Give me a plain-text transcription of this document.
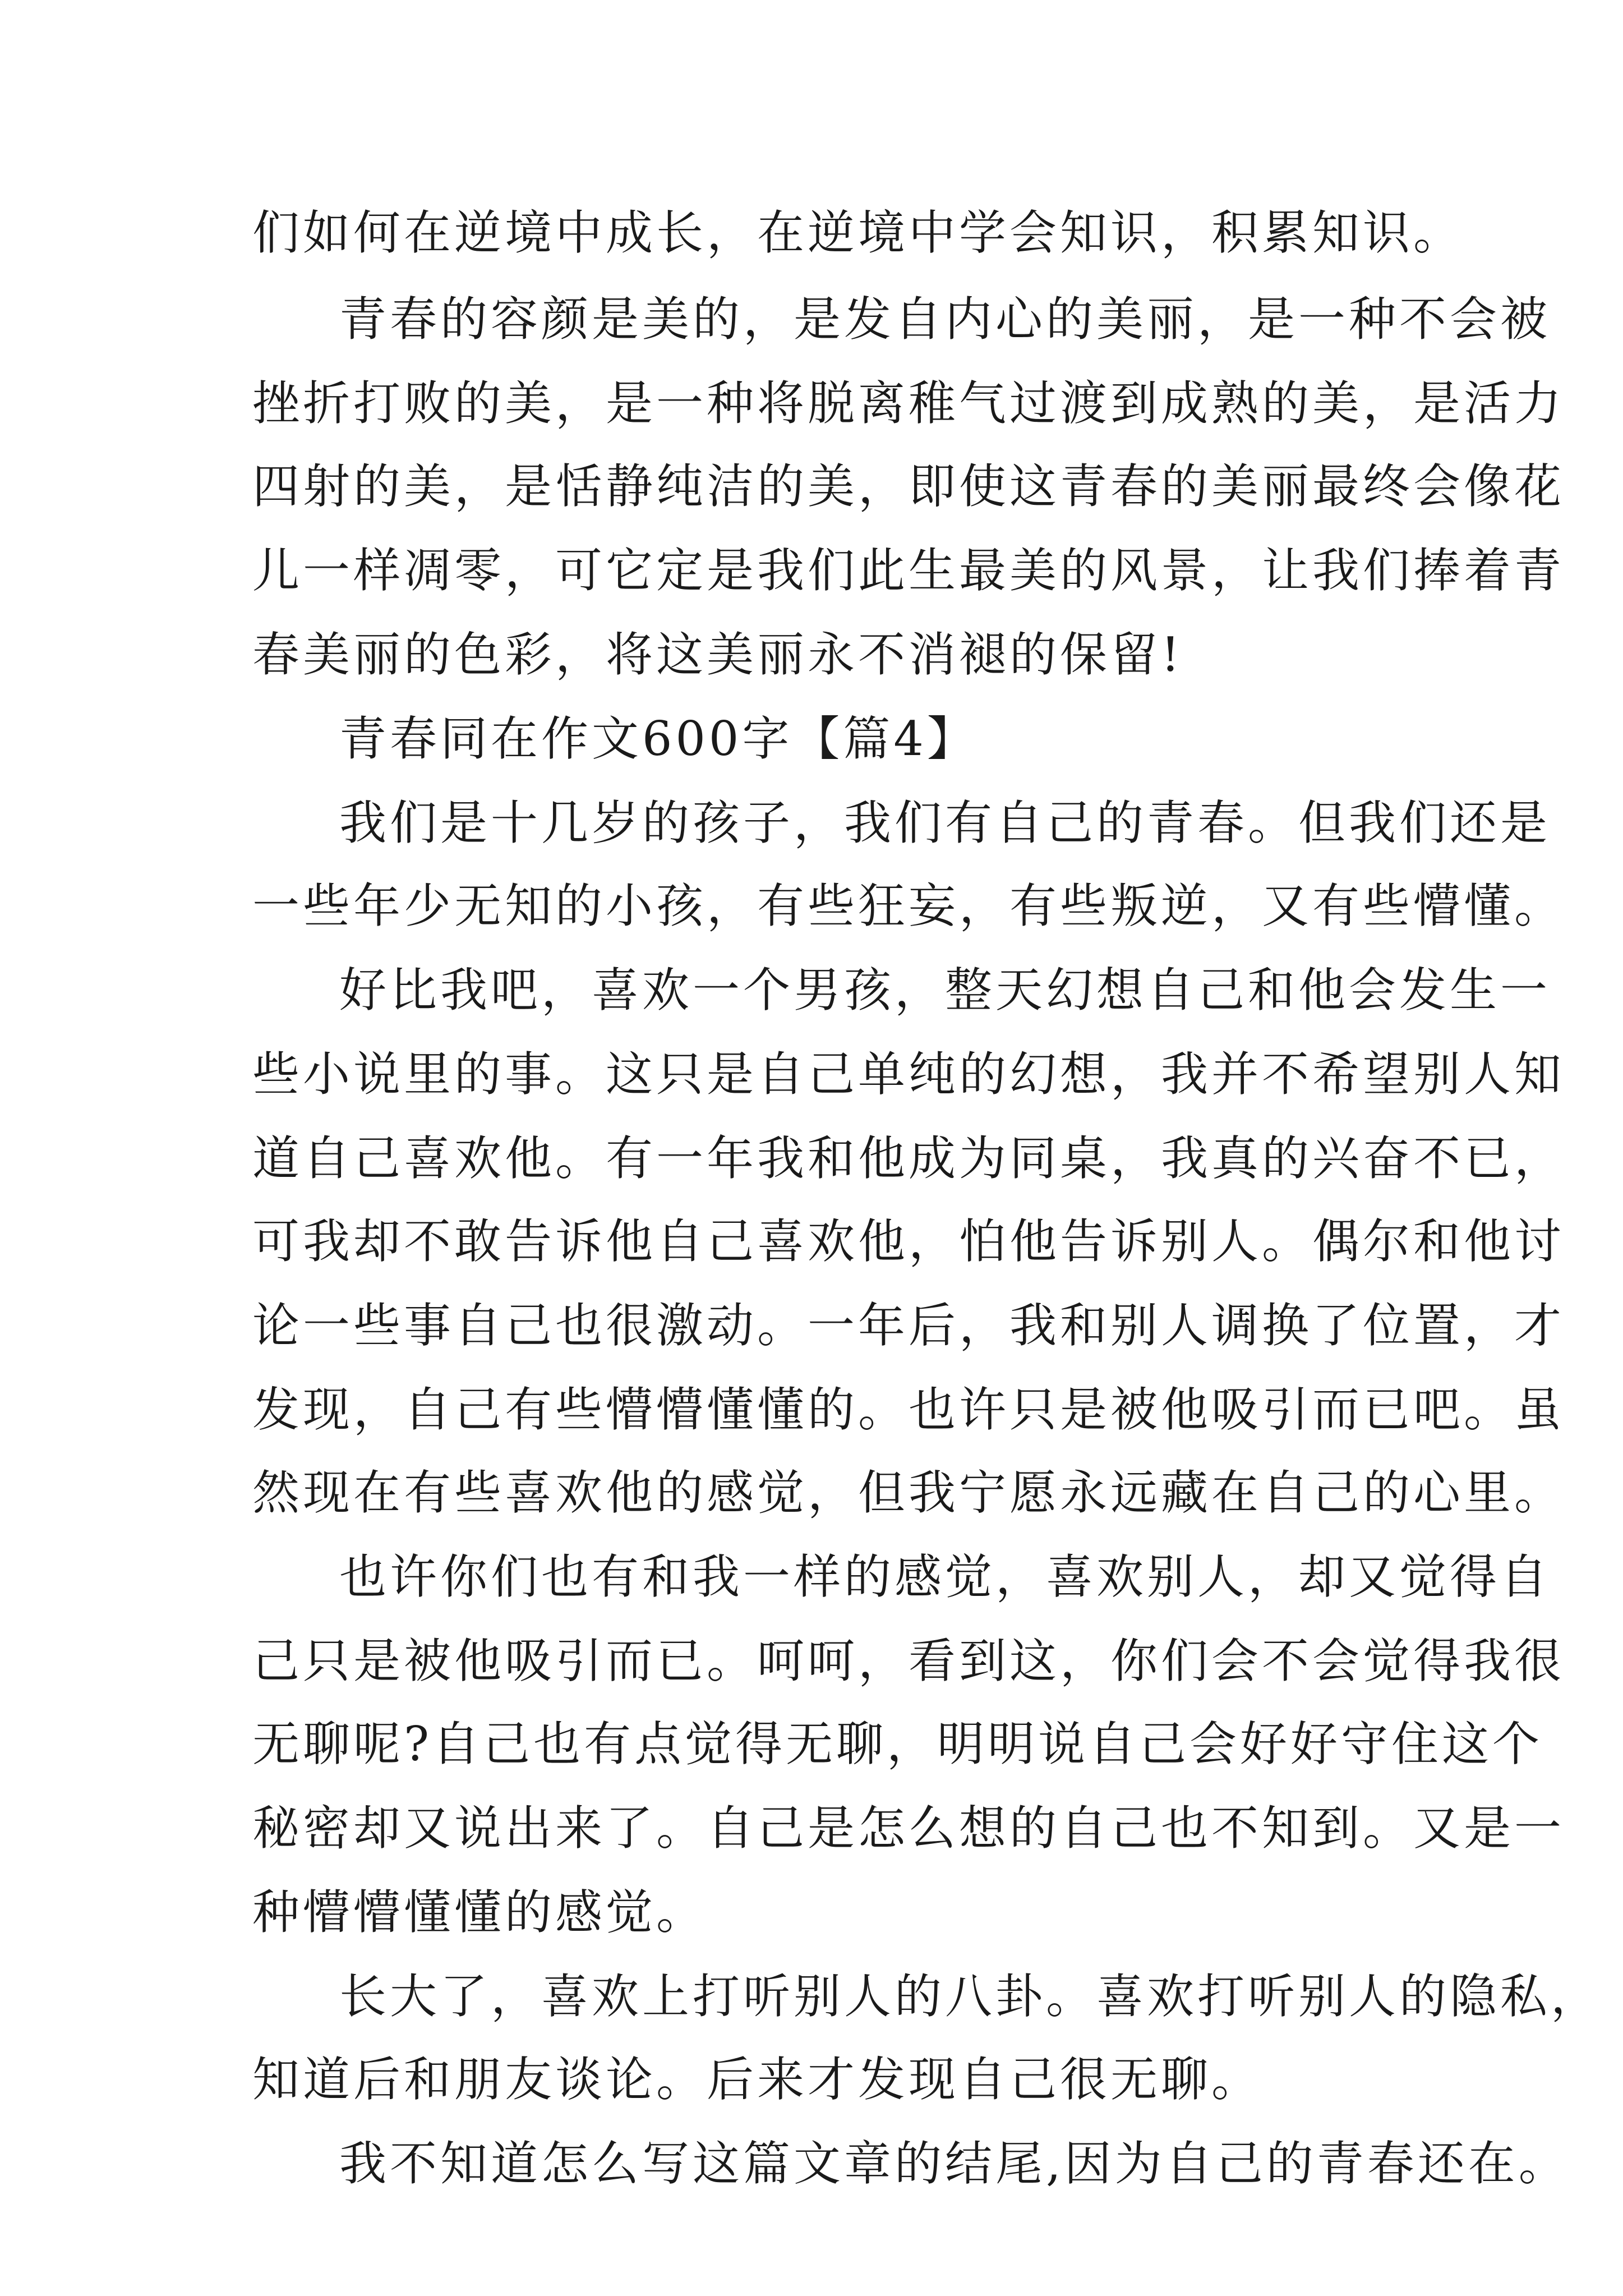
们如何在逆境中成长，在逆境中学会知识，积累知识。
青春的容颜是美的，是发自内心的美丽，是一种不会被
挫折打败的美，是一种将脱离稚气过渡到成熟的美，是活力
四射的美，是恬静纯洁的美，即使这青春的美丽最终会像花
儿一样凋零，可它定是我们此生最美的风景，让我们捧着青
春美丽的色彩，将这美丽永不消褪的保留!
青春同在作文600字【篇4】
我们是十几岁的孩子，我们有自己的青春。但我们还是
一些年少无知的小孩，有些狂妄，有些叛逆，又有些懵懂。
好比我吧，喜欢一个男孩，整天幻想自己和他会发生一
些小说里的事。这只是自己单纯的幻想，我并不希望别人知
道自己喜欢他。有一年我和他成为同桌，我真的兴奋不已，
可我却不敢告诉他自己喜欢他，怕他告诉别人。偶尔和他讨
论一些事自己也很激动。一年后，我和别人调换了位置，才
发现，自己有些懵懵懂懂的。也许只是被他吸引而已吧。虽
然现在有些喜欢他的感觉，但我宁愿永远藏在自己的心里。
也许你们也有和我一样的感觉，喜欢别人，却又觉得自
己只是被他吸引而已。呵呵，看到这，你们会不会觉得我很
无聊呢?自己也有点觉得无聊，明明说自己会好好守住这个
秘密却又说出来了。自己是怎么想的自己也不知到。又是一
种懵懵懂懂的感觉。
长大了，喜欢上打听别人的八卦。喜欢打听别人的隐私，
知道后和朋友谈论。后来才发现自己很无聊。
我不知道怎么写这篇文章的结尾,因为自己的青春还在。
